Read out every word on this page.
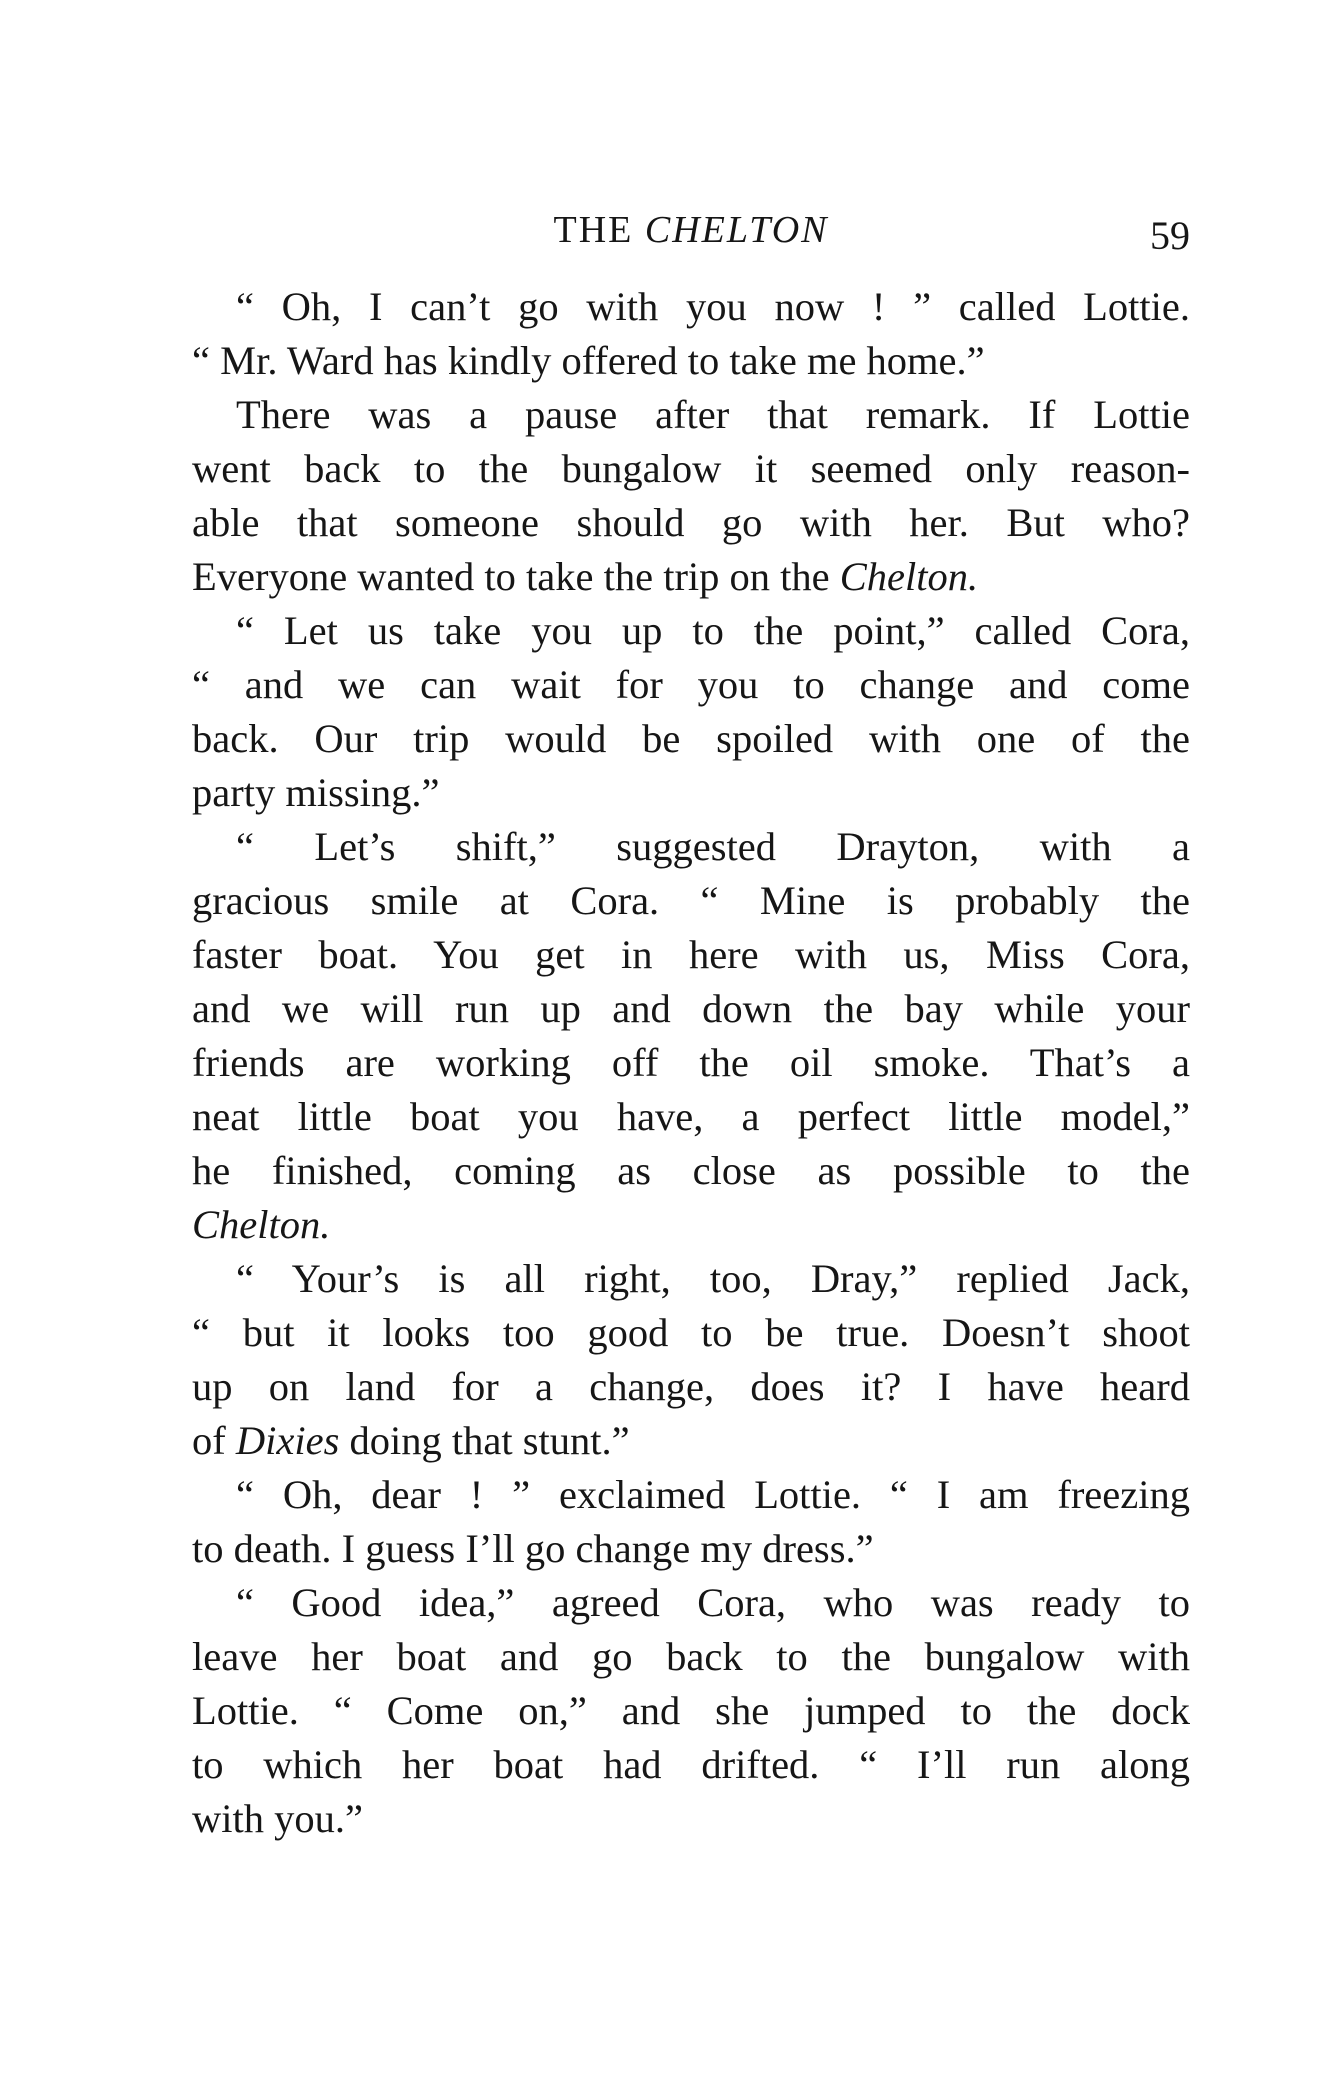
THE CHELTON	59
“ Oh, I can’t go with you now ! ” called Lottie.
“ Mr. Ward has kindly offered to take me home.”
There was a pause after that remark. If Lottie
went back to the bungalow it seemed only reason-
able that someone should go with her. But who?
Everyone wanted to take the trip on the Chelton.
“ Let us take you up to the point,” called Cora,
“ and we can wait for you to change and come
back. Our trip would be spoiled with one of the
party missing.”
“ Let’s shift,” suggested Drayton, with a
gracious smile at Cora. “ Mine is probably the
faster boat. You get in here with us, Miss Cora,
and we will run up and down the bay while your
friends are working off the oil smoke. That’s a
neat little boat you have, a perfect little model,”
he finished, coming as close as possible to the
Chelton.
“ Your’s is all right, too, Dray,” replied Jack,
“ but it looks too good to be true. Doesn’t shoot
up on land for a change, does it? I have heard
of Dixies doing that stunt.”
“ Oh, dear ! ” exclaimed Lottie. “ I am freezing
to death. I guess I’ll go change my dress.”
“ Good idea,” agreed Cora, who was ready to
leave her boat and go back to the bungalow with
Lottie. “ Come on,” and she jumped to the dock
to which her boat had drifted. “ I’ll run along
with you.”
